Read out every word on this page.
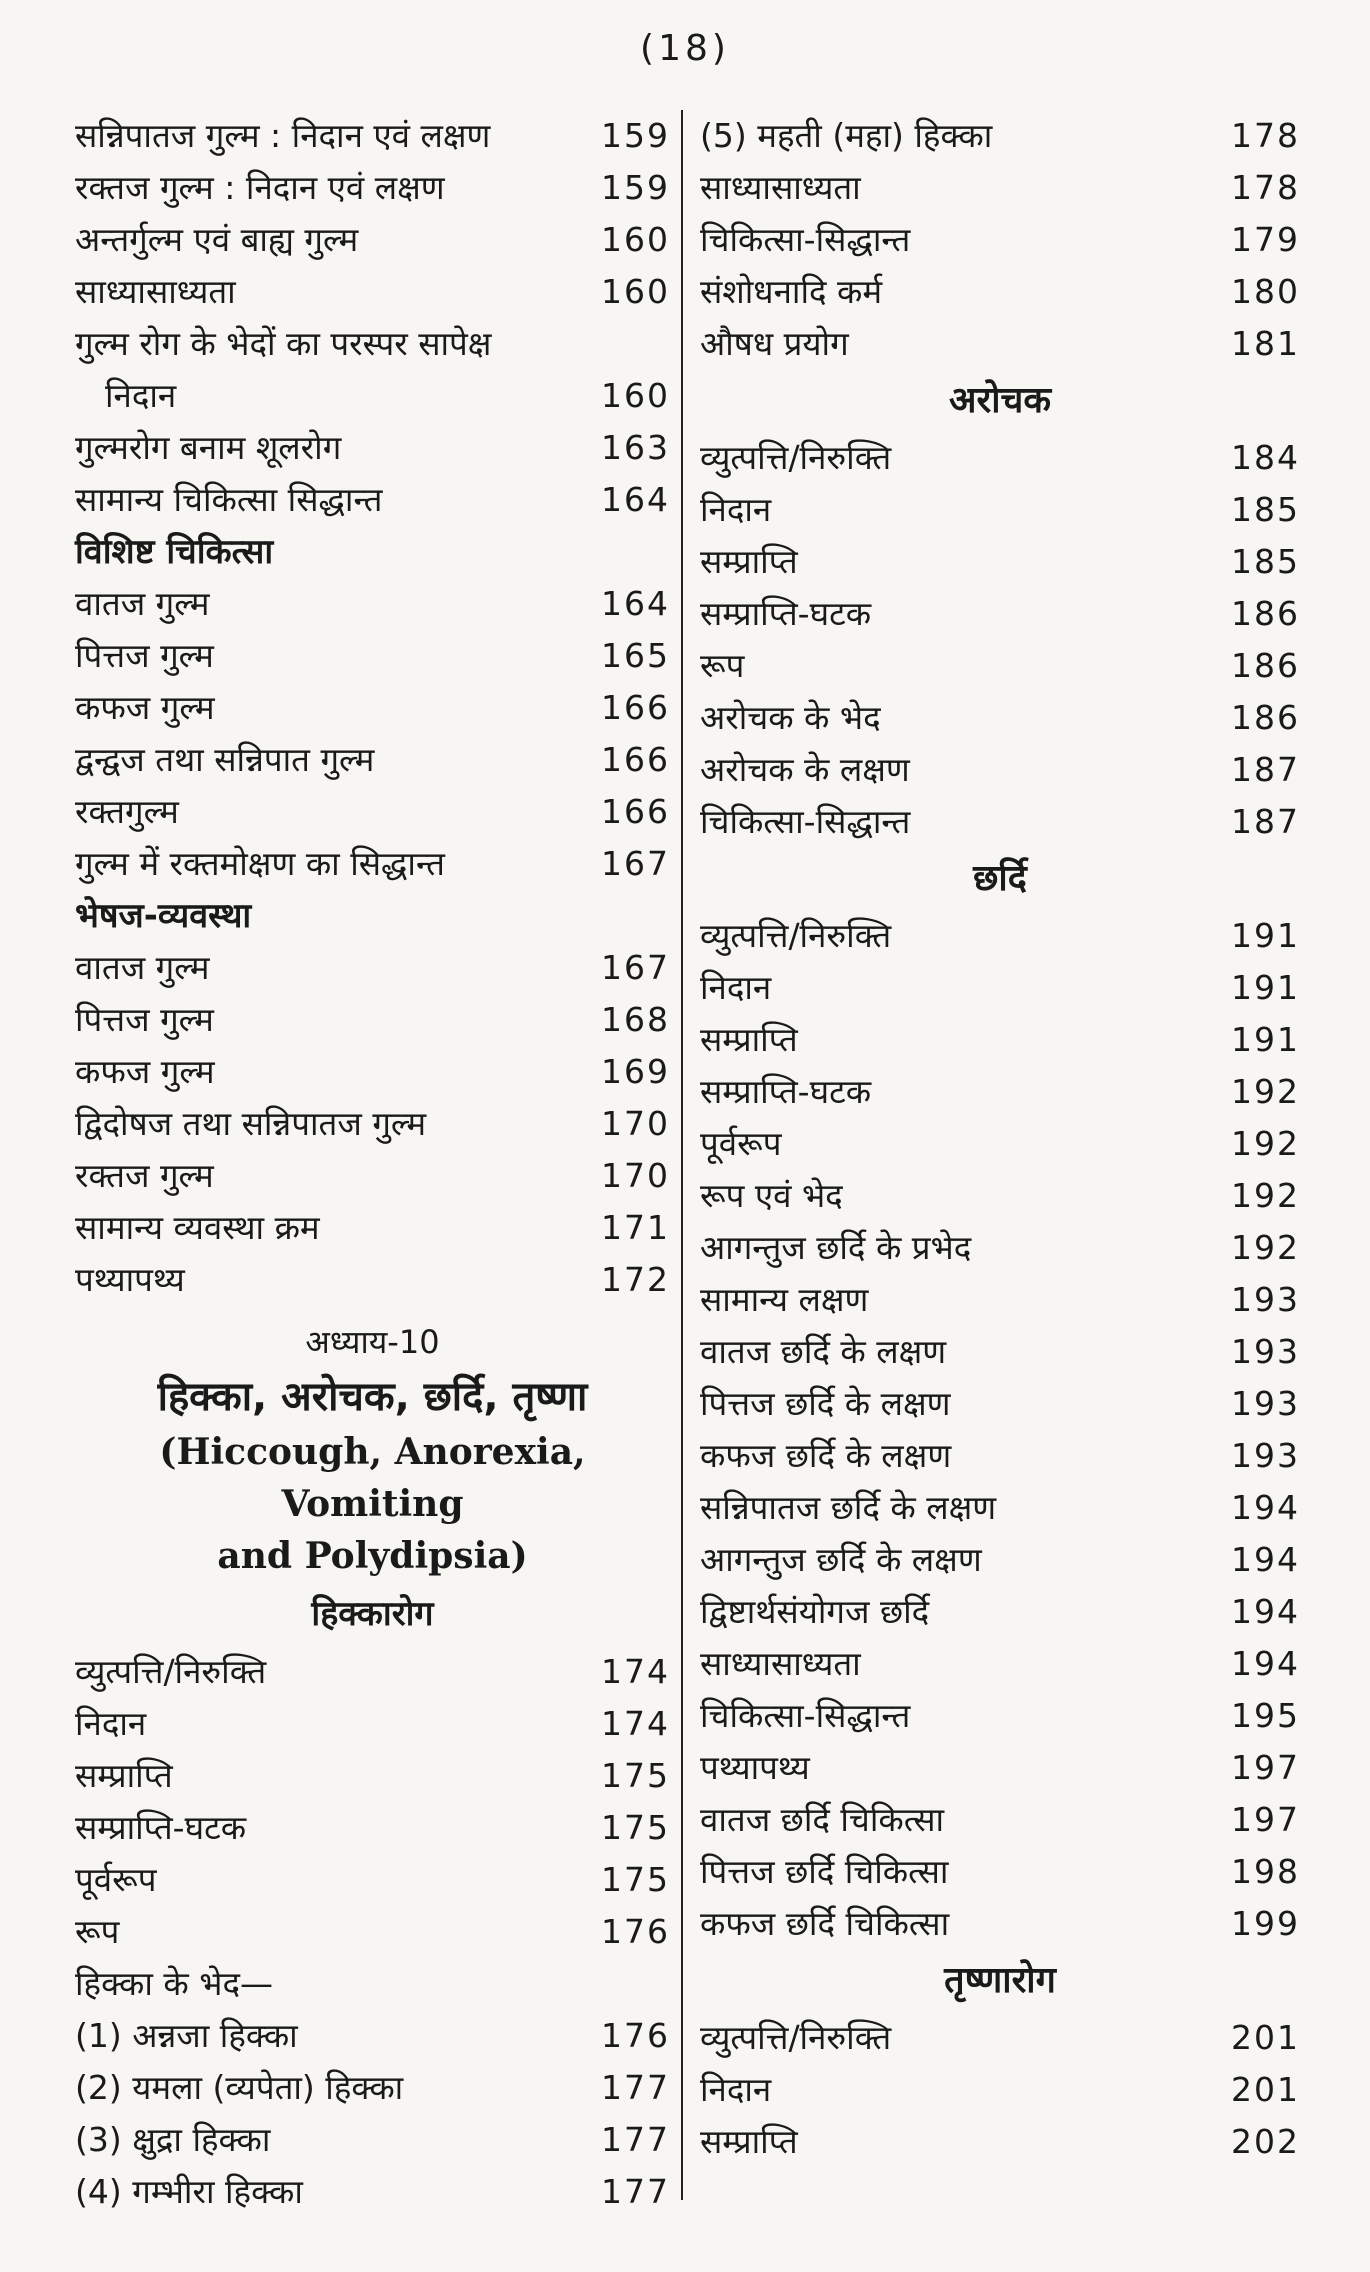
(18)
सन्निपातज गुल्म : निदान एवं लक्षण	159
रक्तज गुल्म : निदान एवं लक्षण	159
अन्तर्गुल्म एवं बाह्य गुल्म	160
साध्यासाध्यता	160
गुल्म रोग के भेदों का परस्पर सापेक्ष
निदान	160
गुल्मरोग बनाम शूलरोग	163
सामान्य चिकित्सा सिद्धान्त	164
विशिष्ट चिकित्सा
वातज गुल्म	164
पित्तज गुल्म	165
कफज गुल्म	166
द्वन्द्वज तथा सन्निपात गुल्म	166
रक्तगुल्म	166
गुल्म में रक्तमोक्षण का सिद्धान्त	167
भेषज-व्यवस्था
वातज गुल्म	167
पित्तज गुल्म	168
कफज गुल्म	169
द्विदोषज तथा सन्निपातज गुल्म	170
रक्तज गुल्म	170
सामान्य व्यवस्था क्रम	171
पथ्यापथ्य	172
अध्याय-10
हिक्का, अरोचक, छर्दि, तृष्णा
(Hiccough, Anorexia, Vomiting
and Polydipsia)
हिक्कारोग
व्युत्पत्ति/निरुक्ति	174
निदान	174
सम्प्राप्ति	175
सम्प्राप्ति-घटक	175
पूर्वरूप	175
रूप	176
हिक्का के भेद—
(1) अन्नजा हिक्का	176
(2) यमला (व्यपेता) हिक्का	177
(3) क्षुद्रा हिक्का	177
(4) गम्भीरा हिक्का	177
(5) महती (महा) हिक्का	178
साध्यासाध्यता	178
चिकित्सा-सिद्धान्त	179
संशोधनादि कर्म	180
औषध प्रयोग	181
अरोचक
व्युत्पत्ति/निरुक्ति	184
निदान	185
सम्प्राप्ति	185
सम्प्राप्ति-घटक	186
रूप	186
अरोचक के भेद	186
अरोचक के लक्षण	187
चिकित्सा-सिद्धान्त	187
छर्दि
व्युत्पत्ति/निरुक्ति	191
निदान	191
सम्प्राप्ति	191
सम्प्राप्ति-घटक	192
पूर्वरूप	192
रूप एवं भेद	192
आगन्तुज छर्दि के प्रभेद	192
सामान्य लक्षण	193
वातज छर्दि के लक्षण	193
पित्तज छर्दि के लक्षण	193
कफज छर्दि के लक्षण	193
सन्निपातज छर्दि के लक्षण	194
आगन्तुज छर्दि के लक्षण	194
द्विष्टार्थसंयोगज छर्दि	194
साध्यासाध्यता	194
चिकित्सा-सिद्धान्त	195
पथ्यापथ्य	197
वातज छर्दि चिकित्सा	197
पित्तज छर्दि चिकित्सा	198
कफज छर्दि चिकित्सा	199
तृष्णारोग
व्युत्पत्ति/निरुक्ति	201
निदान	201
सम्प्राप्ति	202
